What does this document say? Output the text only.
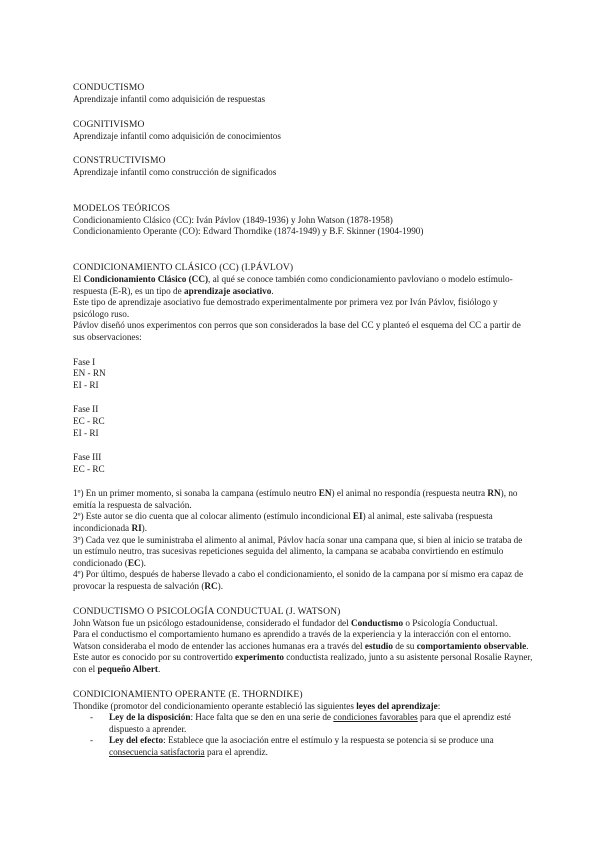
CONDUCTISMO

Aprendizaje infantil como adquisición de respuestas

COGNITIVISMO

Aprendizaje infantil como adquisición de conocimientos

CONSTRUCTIVISMO

Aprendizaje infantil como construcción de significados

MODELOS TEÓRICOS

Condicionamiento Clásico (CC): Iván Pávlov (1849-1936) y John Watson (1878-1958)

Condicionamiento Operante (CO): Edward Thorndike (1874-1949) y B.F. Skinner (1904-1990)

CONDICIONAMIENTO CLÁSICO (CC) (I.PÁVLOV)

El Condicionamiento Clásico (CC), al qué se conoce también como condicionamiento pavloviano o modelo estímulo-respuesta (E-R), es un tipo de aprendizaje asociativo.

Este tipo de aprendizaje asociativo fue demostrado experimentalmente por primera vez por Iván Pávlov, fisiólogo y psicólogo ruso.

Pávlov diseñó unos experimentos con perros que son considerados la base del CC y planteó el esquema del CC a partir de sus observaciones:

Fase I

EN - RN

EI - RI

Fase II

EC - RC

EI - RI

Fase III

EC - RC

1º) En un primer momento, si sonaba la campana (estímulo neutro EN) el animal no respondía (respuesta neutra RN), no emitía la respuesta de salvación.

2º) Este autor se dio cuenta que al colocar alimento (estímulo incondicional EI) al animal, este salivaba (respuesta incondicionada RI).

3º) Cada vez que le suministraba el alimento al animal, Pávlov hacía sonar una campana que, si bien al inicio se trataba de un estímulo neutro, tras sucesivas repeticiones seguida del alimento, la campana se acababa convirtiendo en estímulo condicionado (EC).

4º) Por último, después de haberse llevado a cabo el condicionamiento, el sonido de la campana por sí mismo era capaz de provocar la respuesta de salvación (RC).

CONDUCTISMO O PSICOLOGÍA CONDUCTUAL (J. WATSON)

John Watson fue un psicólogo estadounidense, considerado el fundador del Conductismo o Psicología Conductual.

Para el conductismo el comportamiento humano es aprendido a través de la experiencia y la interacción con el entorno.

Watson consideraba el modo de entender las acciones humanas era a través del estudio de su comportamiento observable.

Este autor es conocido por su controvertido experimento conductista realizado, junto a su asistente personal Rosalie Rayner, con el pequeño Albert.

CONDICIONAMIENTO OPERANTE (E. THORNDIKE)

Thondike (promotor del condicionamiento operante estableció las siguientes leyes del aprendizaje:

- Ley de la disposición: Hace falta que se den en una serie de condiciones favorables para que el aprendiz esté dispuesto a aprender.
- Ley del efecto: Establece que la asociación entre el estímulo y la respuesta se potencia si se produce una consecuencia satisfactoria para el aprendiz.
